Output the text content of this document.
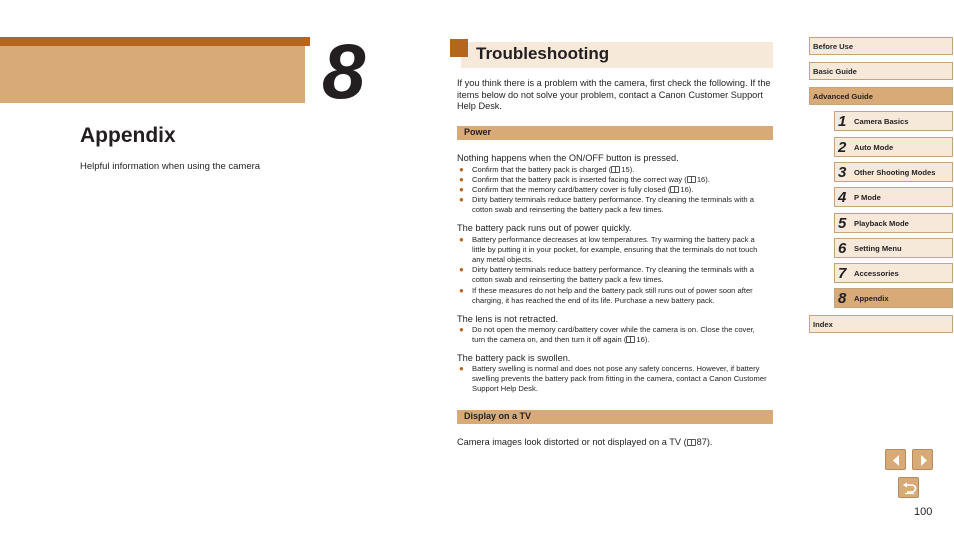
8
Appendix
Helpful information when using the camera
Troubleshooting
If you think there is a problem with the camera, first check the following. If the items below do not solve your problem, contact a Canon Customer Support Help Desk.
Power
Nothing happens when the ON/OFF button is pressed.
● Confirm that the battery pack is charged ( 15).
● Confirm that the battery pack is inserted facing the correct way ( 16).
● Confirm that the memory card/battery cover is fully closed ( 16).
● Dirty battery terminals reduce battery performance. Try cleaning the terminals with a cotton swab and reinserting the battery pack a few times.
The battery pack runs out of power quickly.
● Battery performance decreases at low temperatures. Try warming the battery pack a little by putting it in your pocket, for example, ensuring that the terminals do not touch any metal objects.
● Dirty battery terminals reduce battery performance. Try cleaning the terminals with a cotton swab and reinserting the battery pack a few times.
● If these measures do not help and the battery pack still runs out of power soon after charging, it has reached the end of its life. Purchase a new battery pack.
The lens is not retracted.
● Do not open the memory card/battery cover while the camera is on. Close the cover, turn the camera on, and then turn it off again ( 16).
The battery pack is swollen.
● Battery swelling is normal and does not pose any safety concerns. However, if battery swelling prevents the battery pack from fitting in the camera, contact a Canon Customer Support Help Desk.
Display on a TV
Camera images look distorted or not displayed on a TV ( 87).
Before Use
Basic Guide
Advanced Guide
1 Camera Basics
2 Auto Mode
3 Other Shooting Modes
4 P Mode
5 Playback Mode
6 Setting Menu
7 Accessories
8 Appendix
Index
100
